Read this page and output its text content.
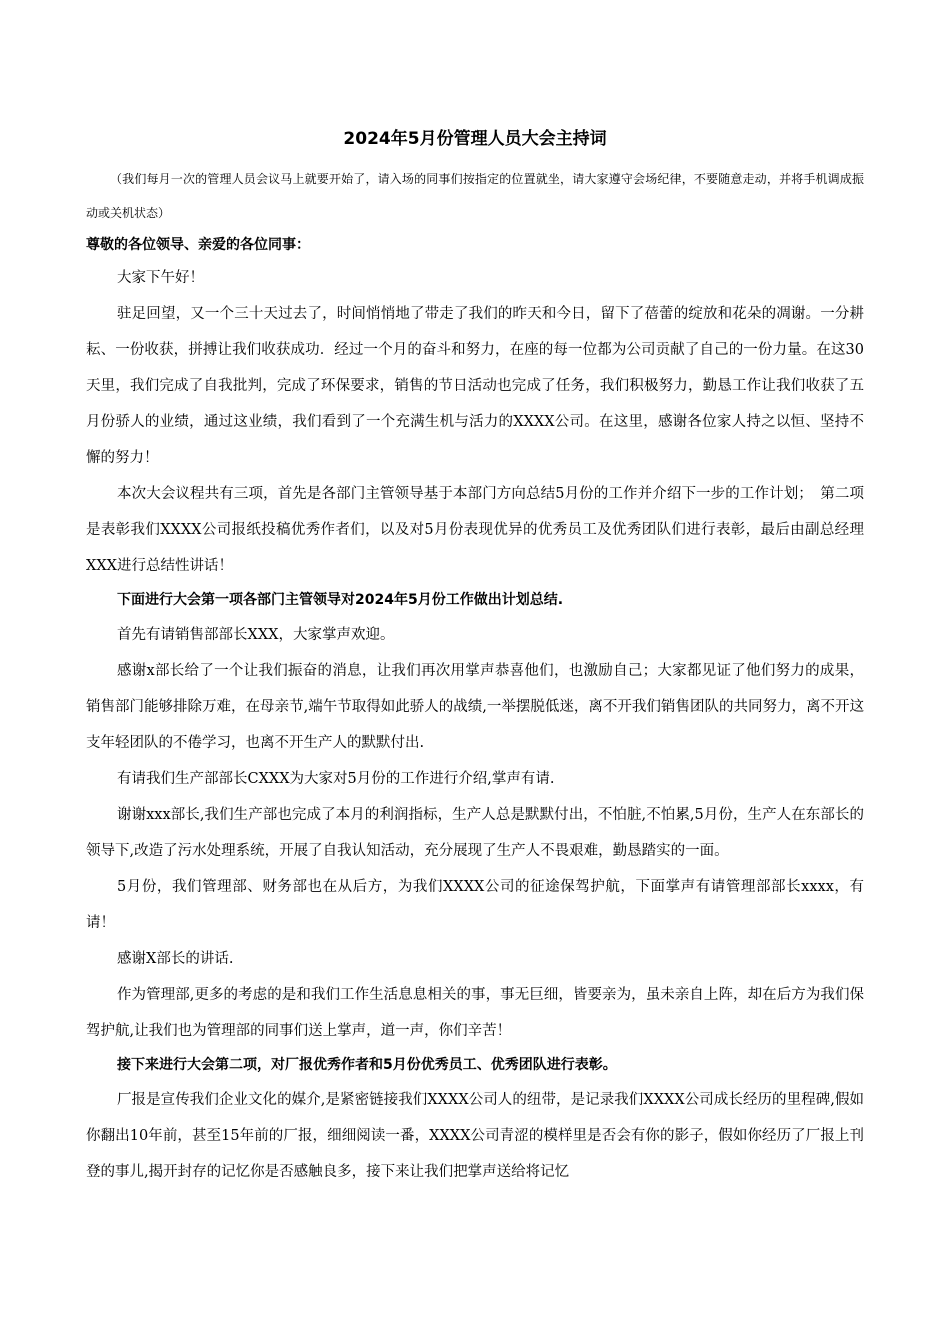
2024年5月份管理人员大会主持词

（我们每月一次的管理人员会议马上就要开始了，请入场的同事们按指定的位置就坐，请大家遵守会场纪律，不要随意走动，并将手机调成振动或关机状态）

尊敬的各位领导、亲爱的各位同事：

大家下午好！

驻足回望，又一个三十天过去了，时间悄悄地了带走了我们的昨天和今日，留下了蓓蕾的绽放和花朵的凋谢。一分耕耘、一份收获，拼搏让我们收获成功．经过一个月的奋斗和努力，在座的每一位都为公司贡献了自己的一份力量。在这30天里，我们完成了自我批判，完成了环保要求，销售的节日活动也完成了任务，我们积极努力，勤恳工作让我们收获了五月份骄人的业绩，通过这业绩，我们看到了一个充满生机与活力的XXXX公司。在这里，感谢各位家人持之以恒、坚持不懈的努力！

本次大会议程共有三项，首先是各部门主管领导基于本部门方向总结5月份的工作并介绍下一步的工作计划；　第二项是表彰我们XXXX公司报纸投稿优秀作者们，以及对5月份表现优异的优秀员工及优秀团队们进行表彰，最后由副总经理XXX进行总结性讲话！

下面进行大会第一项各部门主管领导对2024年5月份工作做出计划总结.

首先有请销售部部长XXX，大家掌声欢迎。

感谢x部长给了一个让我们振奋的消息，让我们再次用掌声恭喜他们，也激励自己；大家都见证了他们努力的成果，销售部门能够排除万难，在母亲节,端午节取得如此骄人的战绩,一举摆脱低迷，离不开我们销售团队的共同努力，离不开这支年轻团队的不倦学习，也离不开生产人的默默付出.

有请我们生产部部长CXXX为大家对5月份的工作进行介绍,掌声有请.

谢谢xxx部长,我们生产部也完成了本月的利润指标，生产人总是默默付出，不怕脏,不怕累,5月份，生产人在东部长的领导下,改造了污水处理系统，开展了自我认知活动，充分展现了生产人不畏艰难，勤恳踏实的一面。

5月份，我们管理部、财务部也在从后方，为我们XXXX公司的征途保驾护航，下面掌声有请管理部部长xxxx，有请！

感谢X部长的讲话.

作为管理部,更多的考虑的是和我们工作生活息息相关的事，事无巨细，皆要亲为，虽未亲自上阵，却在后方为我们保驾护航,让我们也为管理部的同事们送上掌声，道一声，你们辛苦！

接下来进行大会第二项，对厂报优秀作者和5月份优秀员工、优秀团队进行表彰。

厂报是宣传我们企业文化的媒介,是紧密链接我们XXXX公司人的纽带，是记录我们XXXX公司成长经历的里程碑,假如你翻出10年前，甚至15年前的厂报，细细阅读一番，XXXX公司青涩的模样里是否会有你的影子，假如你经历了厂报上刊登的事儿,揭开封存的记忆你是否感触良多，接下来让我们把掌声送给将记忆
